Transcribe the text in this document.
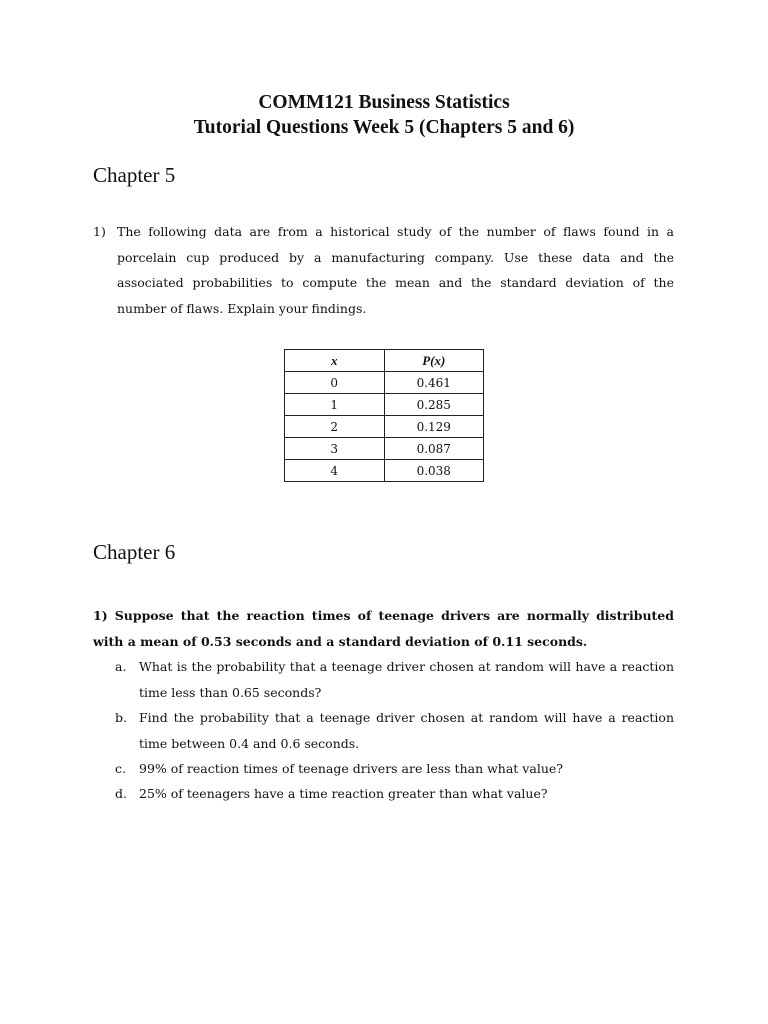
COMM121 Business Statistics
Tutorial Questions Week 5 (Chapters 5 and 6)
Chapter 5
1) The following data are from a historical study of the number of flaws found in a porcelain cup produced by a manufacturing company. Use these data and the associated probabilities to compute the mean and the standard deviation of the number of flaws. Explain your findings.
x	P(x)
0	0.461
1	0.285
2	0.129
3	0.087
4	0.038
Chapter 6
1) Suppose that the reaction times of teenage drivers are normally distributed with a mean of 0.53 seconds and a standard deviation of 0.11 seconds.
a. What is the probability that a teenage driver chosen at random will have a reaction time less than 0.65 seconds?
b. Find the probability that a teenage driver chosen at random will have a reaction time between 0.4 and 0.6 seconds.
c. 99% of reaction times of teenage drivers are less than what value?
d. 25% of teenagers have a time reaction greater than what value?
